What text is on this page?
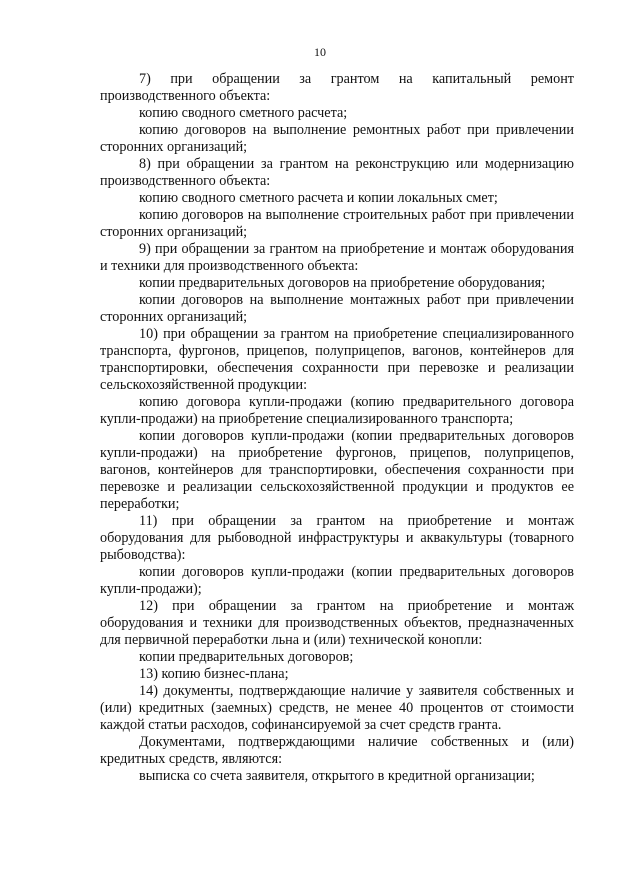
10

7) при обращении за грантом на капитальный ремонт производственного объекта:

копию сводного сметного расчета;

копию договоров на выполнение ремонтных работ при привлечении сторонних организаций;

8) при обращении за грантом на реконструкцию или модернизацию производственного объекта:

копию сводного сметного расчета и копии локальных смет;

копию договоров на выполнение строительных работ при привлечении сторонних организаций;

9) при обращении за грантом на приобретение и монтаж оборудования и техники для производственного объекта:

копии предварительных договоров на приобретение оборудования;

копии договоров на выполнение монтажных работ при привлечении сторонних организаций;

10) при обращении за грантом на приобретение специализированного транспорта, фургонов, прицепов, полуприцепов, вагонов, контейнеров для транспортировки, обеспечения сохранности при перевозке и реализации сельскохозяйственной продукции:

копию договора купли-продажи (копию предварительного договора купли-продажи) на приобретение специализированного транспорта;

копии договоров купли-продажи (копии предварительных договоров купли-продажи) на приобретение фургонов, прицепов, полуприцепов, вагонов, контейнеров для транспортировки, обеспечения сохранности при перевозке и реализации сельскохозяйственной продукции и продуктов ее переработки;

11) при обращении за грантом на приобретение и монтаж оборудования для рыбоводной инфраструктуры и аквакультуры (товарного рыбоводства):

копии договоров купли-продажи (копии предварительных договоров купли-продажи);

12) при обращении за грантом на приобретение и монтаж оборудования и техники для производственных объектов, предназначенных для первичной переработки льна и (или) технической конопли:

копии предварительных договоров;

13) копию бизнес-плана;

14) документы, подтверждающие наличие у заявителя собственных и (или) кредитных (заемных) средств, не менее 40 процентов от стоимости каждой статьи расходов, софинансируемой за счет средств гранта.

Документами, подтверждающими наличие собственных и (или) кредитных средств, являются:

выписка со счета заявителя, открытого в кредитной организации;
